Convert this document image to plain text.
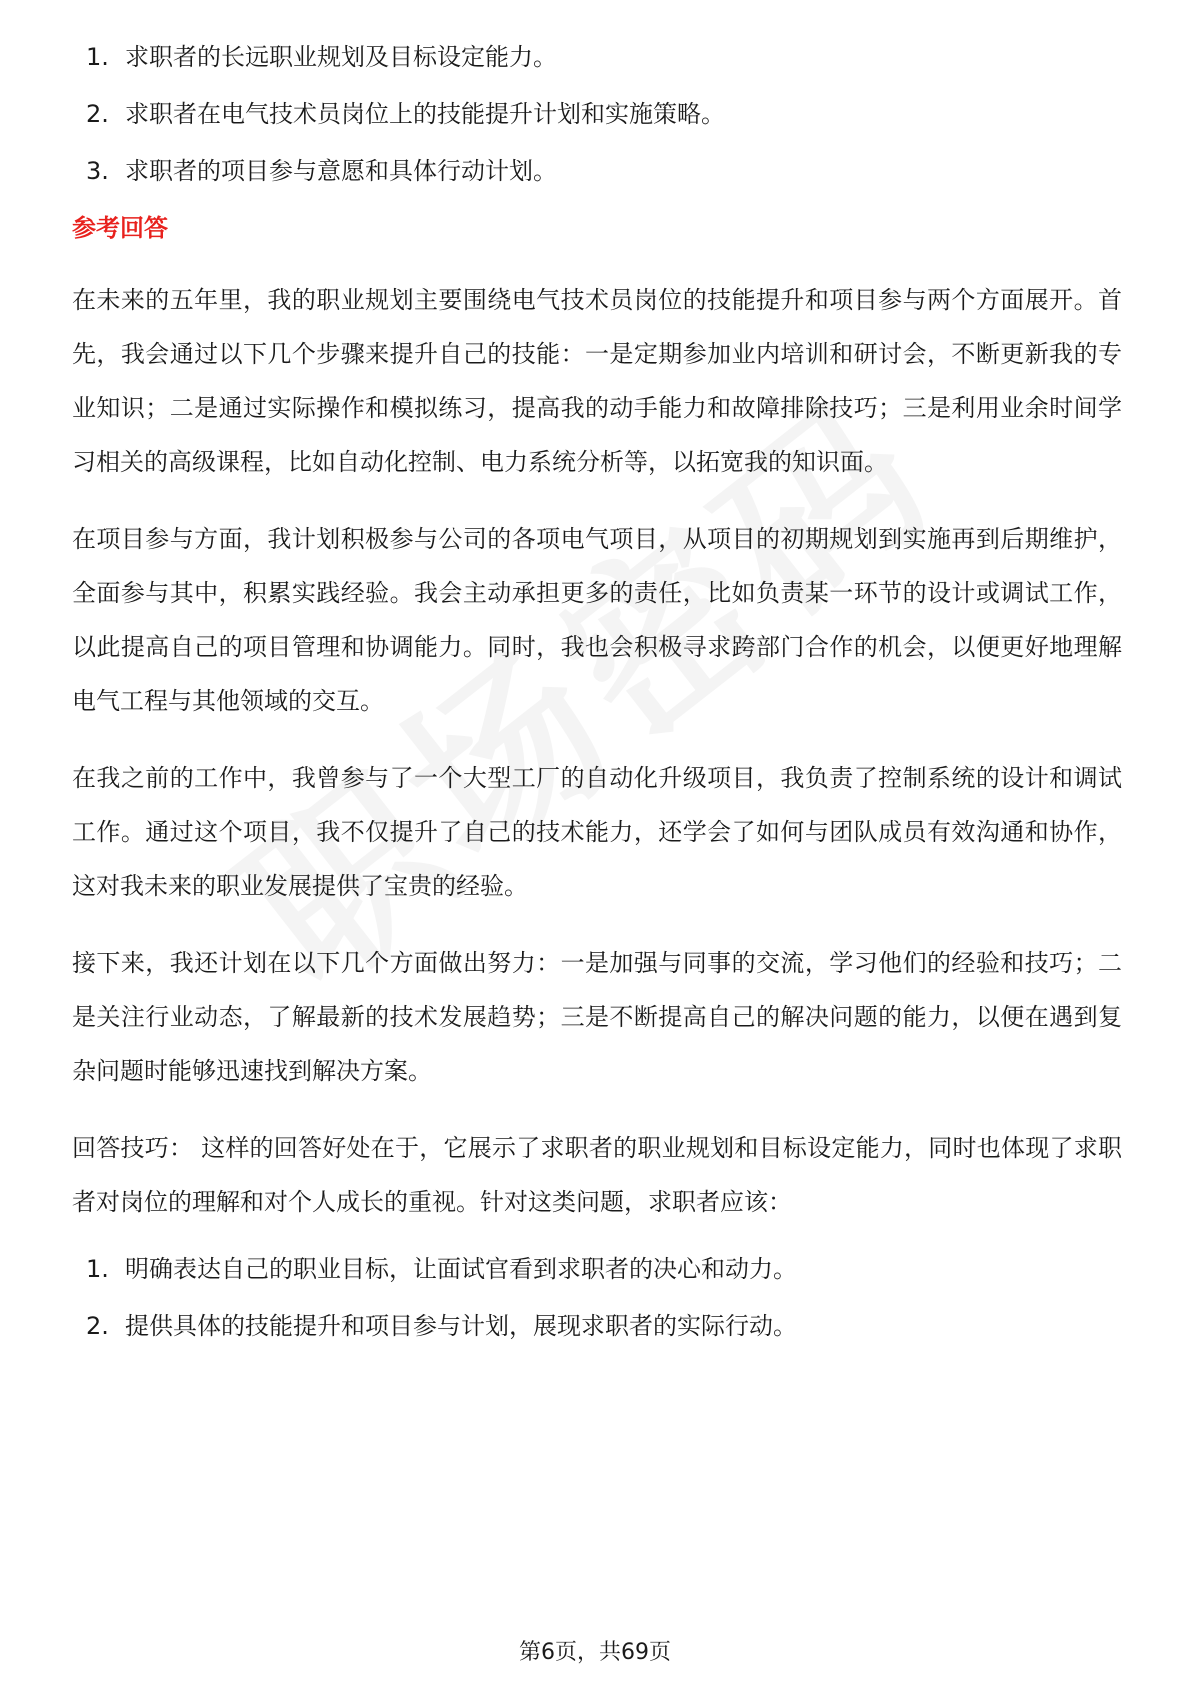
1. 求职者的长远职业规划及目标设定能力。
2. 求职者在电气技术员岗位上的技能提升计划和实施策略。
3. 求职者的项目参与意愿和具体行动计划。
参考回答

在未来的五年里，我的职业规划主要围绕电气技术员岗位的技能提升和项目参与两个方面展开。首先，我会通过以下几个步骤来提升自己的技能：一是定期参加业内培训和研讨会，不断更新我的专业知识；二是通过实际操作和模拟练习，提高我的动手能力和故障排除技巧；三是利用业余时间学习相关的高级课程，比如自动化控制、电力系统分析等，以拓宽我的知识面。

在项目参与方面，我计划积极参与公司的各项电气项目，从项目的初期规划到实施再到后期维护，全面参与其中，积累实践经验。我会主动承担更多的责任，比如负责某一环节的设计或调试工作，以此提高自己的项目管理和协调能力。同时，我也会积极寻求跨部门合作的机会，以便更好地理解电气工程与其他领域的交互。

在我之前的工作中，我曾参与了一个大型工厂的自动化升级项目，我负责了控制系统的设计和调试工作。通过这个项目，我不仅提升了自己的技术能力，还学会了如何与团队成员有效沟通和协作，这对我未来的职业发展提供了宝贵的经验。

接下来，我还计划在以下几个方面做出努力：一是加强与同事的交流，学习他们的经验和技巧；二是关注行业动态，了解最新的技术发展趋势；三是不断提高自己的解决问题的能力，以便在遇到复杂问题时能够迅速找到解决方案。

回答技巧： 这样的回答好处在于，它展示了求职者的职业规划和目标设定能力，同时也体现了求职者对岗位的理解和对个人成长的重视。针对这类问题，求职者应该：

1. 明确表达自己的职业目标，让面试官看到求职者的决心和动力。
2. 提供具体的技能提升和项目参与计划，展现求职者的实际行动。
第6页，共69页
